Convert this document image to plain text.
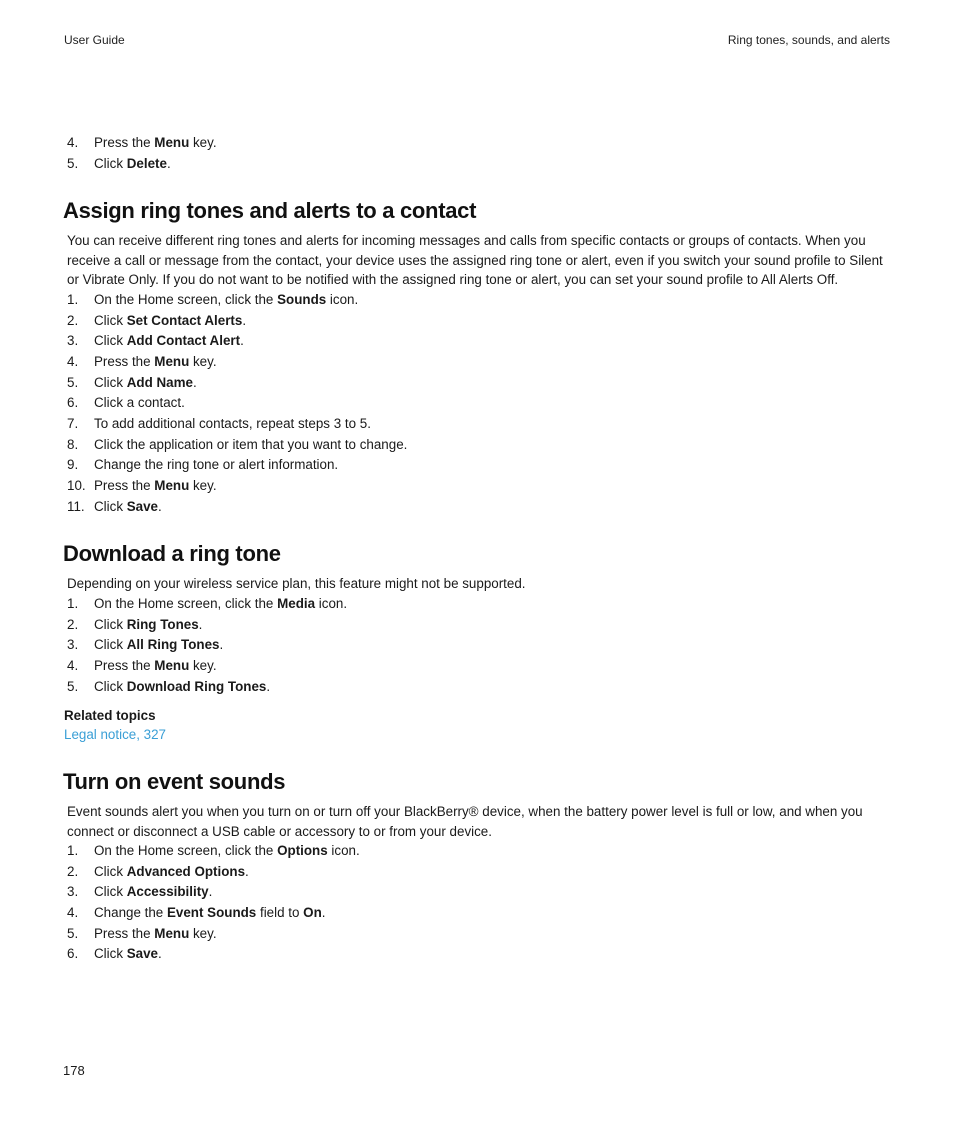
User Guide	Ring tones, sounds, and alerts
4. Press the Menu key.
5. Click Delete.
Assign ring tones and alerts to a contact
You can receive different ring tones and alerts for incoming messages and calls from specific contacts or groups of contacts. When you receive a call or message from the contact, your device uses the assigned ring tone or alert, even if you switch your sound profile to Silent or Vibrate Only. If you do not want to be notified with the assigned ring tone or alert, you can set your sound profile to All Alerts Off.
1. On the Home screen, click the Sounds icon.
2. Click Set Contact Alerts.
3. Click Add Contact Alert.
4. Press the Menu key.
5. Click Add Name.
6. Click a contact.
7. To add additional contacts, repeat steps 3 to 5.
8. Click the application or item that you want to change.
9. Change the ring tone or alert information.
10. Press the Menu key.
11. Click Save.
Download a ring tone
Depending on your wireless service plan, this feature might not be supported.
1. On the Home screen, click the Media icon.
2. Click Ring Tones.
3. Click All Ring Tones.
4. Press the Menu key.
5. Click Download Ring Tones.
Related topics
Legal notice, 327
Turn on event sounds
Event sounds alert you when you turn on or turn off your BlackBerry® device, when the battery power level is full or low, and when you connect or disconnect a USB cable or accessory to or from your device.
1. On the Home screen, click the Options icon.
2. Click Advanced Options.
3. Click Accessibility.
4. Change the Event Sounds field to On.
5. Press the Menu key.
6. Click Save.
178
